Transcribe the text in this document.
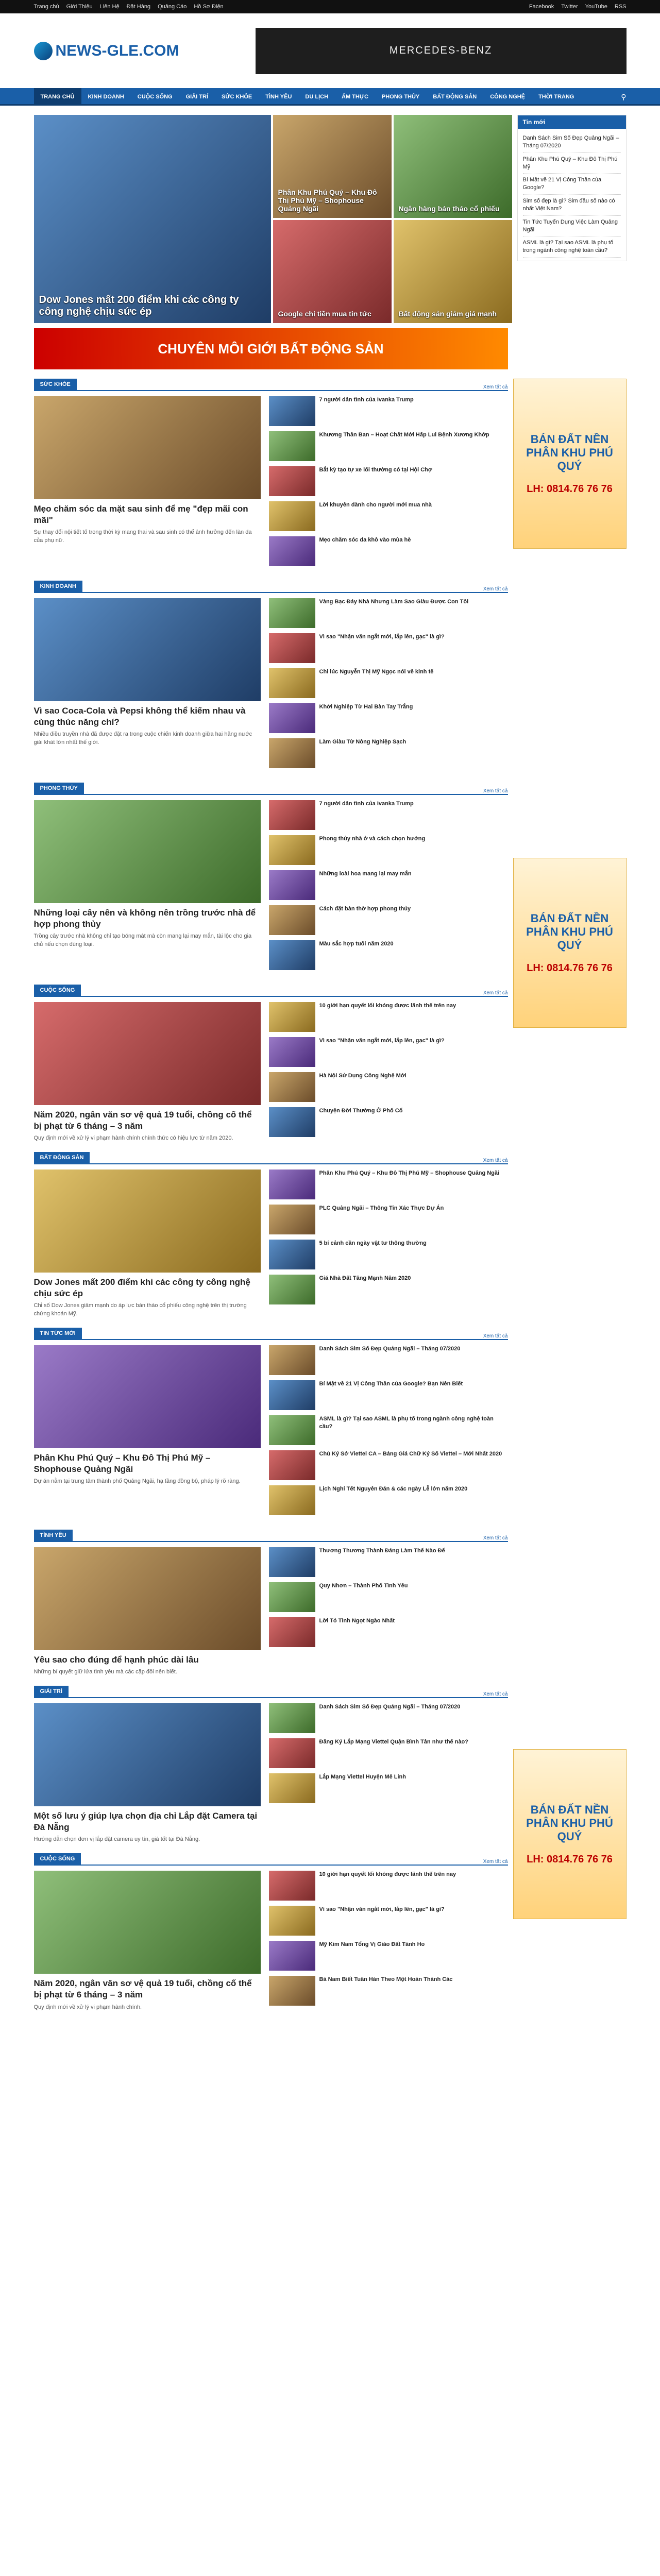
Trang chủ Giới Thiệu Liên Hệ Đặt Hàng Quảng Cáo Hồ Sơ Điện	Facebook Twitter YouTube RSS
NEWS-GLE.COM	MERCEDES-BENZ
TRANG CHỦ	KINH DOANH	CUỘC SỐNG	GIẢI TRÍ	SỨC KHỎE	TÌNH YÊU	DU LỊCH	ẨM THỰC	PHONG THỦY	BẤT ĐỘNG SẢN	CÔNG NGHỆ	THỜI TRANG	⚲
Dow Jones mất 200 điểm khi các công ty công nghệ chịu sức ép
Phân Khu Phú Quý – Khu Đô Thị Phú Mỹ – Shophouse Quảng Ngãi	Ngân hàng bán tháo cổ phiếu
Google chi tiền mua tin tức	Bất động sản giảm giá mạnh
Tin mới
Danh Sách Sim Số Đẹp Quảng Ngãi – Tháng 07/2020
Phân Khu Phú Quý – Khu Đô Thị Phú Mỹ
Bí Mật về 21 Vị Công Thần của Google?
Sim số đẹp là gì? Sim đầu số nào có nhất Việt Nam?
Tin Tức Tuyển Dụng Việc Làm Quảng Ngãi
ASML là gì? Tại sao ASML là phụ tố trong ngành công nghệ toàn cầu?
CHUYÊN MÔI GIỚI BẤT ĐỘNG SẢN
SỨC KHỎE	Xem tất cả
Mẹo chăm sóc da mặt sau sinh để mẹ "đẹp mãi con mãi"

Sự thay đổi nội tiết tố trong thời kỳ mang thai và sau sinh có thể ảnh hưởng đến làn da của phụ nữ.

7 người dân tình của Ivanka Trump
Khương Thân Ban – Hoạt Chất Mới Hấp Lui Bệnh Xương Khớp
Bắt kỳ tạo tự xe lối thường có tại Hội Chợ
Lời khuyên dành cho người mới mua nhà
Mẹo chăm sóc da khô vào mùa hè
KINH DOANH	Xem tất cả
Vì sao Coca-Cola và Pepsi không thể kiếm nhau và cùng thúc năng chí?

Nhiều điều truyền nhà đã được đặt ra trong cuộc chiến kinh doanh giữa hai hãng nước giải khát lớn nhất thế giới.

Vàng Bạc Đáy Nhà Nhưng Làm Sao Giàu Được Con Tôi
Vì sao "Nhận văn ngắt mới, lắp lên, gạc" là gì?
Chi lúc Nguyễn Thị Mỹ Ngọc nói về kinh tế
Khởi Nghiệp Từ Hai Bàn Tay Trắng
Làm Giàu Từ Nông Nghiệp Sạch
PHONG THỦY	Xem tất cả
Những loại cây nên và không nên trồng trước nhà để hợp phong thủy

Trồng cây trước nhà không chỉ tạo bóng mát mà còn mang lại may mắn, tài lộc cho gia chủ nếu chọn đúng loại.

7 người dân tình của Ivanka Trump
Phong thủy nhà ở và cách chọn hướng
Những loài hoa mang lại may mắn
Cách đặt bàn thờ hợp phong thủy
Màu sắc hợp tuổi năm 2020
CUỘC SỐNG	Xem tất cả
Năm 2020, ngân văn sơ vệ quả 19 tuổi, chồng cố thể bị phạt từ 6 tháng – 3 năm

Quy định mới về xử lý vi phạm hành chính chính thức có hiệu lực từ năm 2020.

10 giới hạn quyết lối khóng được lãnh thế trên nay
Vì sao "Nhận văn ngắt mới, lắp lên, gạc" là gì?
Hà Nội Sử Dụng Công Nghệ Mới
Chuyện Đời Thường Ở Phố Cổ
BẤT ĐỘNG SẢN	Xem tất cả
Dow Jones mất 200 điểm khi các công ty công nghệ chịu sức ép

Chỉ số Dow Jones giảm mạnh do áp lực bán tháo cổ phiếu công nghệ trên thị trường chứng khoán Mỹ.

Phân Khu Phú Quý – Khu Đô Thị Phú Mỹ – Shophouse Quảng Ngãi
PLC Quảng Ngãi – Thông Tin Xác Thực Dự Án
5 bí cảnh cần ngày vật tư thông thường
Giá Nhà Đất Tăng Mạnh Năm 2020
TIN TỨC MỚI	Xem tất cả
Phân Khu Phú Quý – Khu Đô Thị Phú Mỹ – Shophouse Quảng Ngãi

Dự án nằm tại trung tâm thành phố Quảng Ngãi, hạ tầng đồng bộ, pháp lý rõ ràng.

Danh Sách Sim Số Đẹp Quảng Ngãi – Tháng 07/2020
Bí Mật về 21 Vị Công Thần của Google? Bạn Nên Biết
ASML là gì? Tại sao ASML là phụ tố trong ngành công nghệ toàn cầu?
Chủ Ký Sở Viettel CA – Bảng Giá Chữ Ký Số Viettel – Mới Nhất 2020
Lịch Nghỉ Tết Nguyên Đán & các ngày Lễ lớn năm 2020
TÌNH YÊU	Xem tất cả
Yêu sao cho đúng để hạnh phúc dài lâu

Những bí quyết giữ lửa tình yêu mà các cặp đôi nên biết.

Thương Thương Thành Đáng Làm Thế Nào Để
Quy Nhơn – Thành Phố Tình Yêu
Lời Tỏ Tình Ngọt Ngào Nhất
GIẢI TRÍ	Xem tất cả
Một số lưu ý giúp lựa chọn địa chỉ Lắp đặt Camera tại Đà Nẵng

Hướng dẫn chọn đơn vị lắp đặt camera uy tín, giá tốt tại Đà Nẵng.

Danh Sách Sim Số Đẹp Quảng Ngãi – Tháng 07/2020
Đăng Ký Lắp Mạng Viettel Quận Bình Tân như thế nào?
Lắp Mạng Viettel Huyện Mê Linh
CUỘC SỐNG	Xem tất cả
Năm 2020, ngân văn sơ vệ quả 19 tuổi, chồng cố thể bị phạt từ 6 tháng – 3 năm

Quy định mới về xử lý vi phạm hành chính.

10 giới hạn quyết lối khóng được lãnh thế trên nay
Vì sao "Nhận văn ngắt mới, lắp lên, gạc" là gì?
Mỹ Kim Nam Tổng Vị Giáo Đất Tánh Ho
Bà Nam Biết Tuân Hàn Theo Một Hoàn Thành Các
BÁN ĐẤT NỀN PHÂN KHU PHÚ QUÝ
LH: 0814.76 76 76
BÁN ĐẤT NỀN PHÂN KHU PHÚ QUÝ
LH: 0814.76 76 76
BÁN ĐẤT NỀN PHÂN KHU PHÚ QUÝ
LH: 0814.76 76 76
